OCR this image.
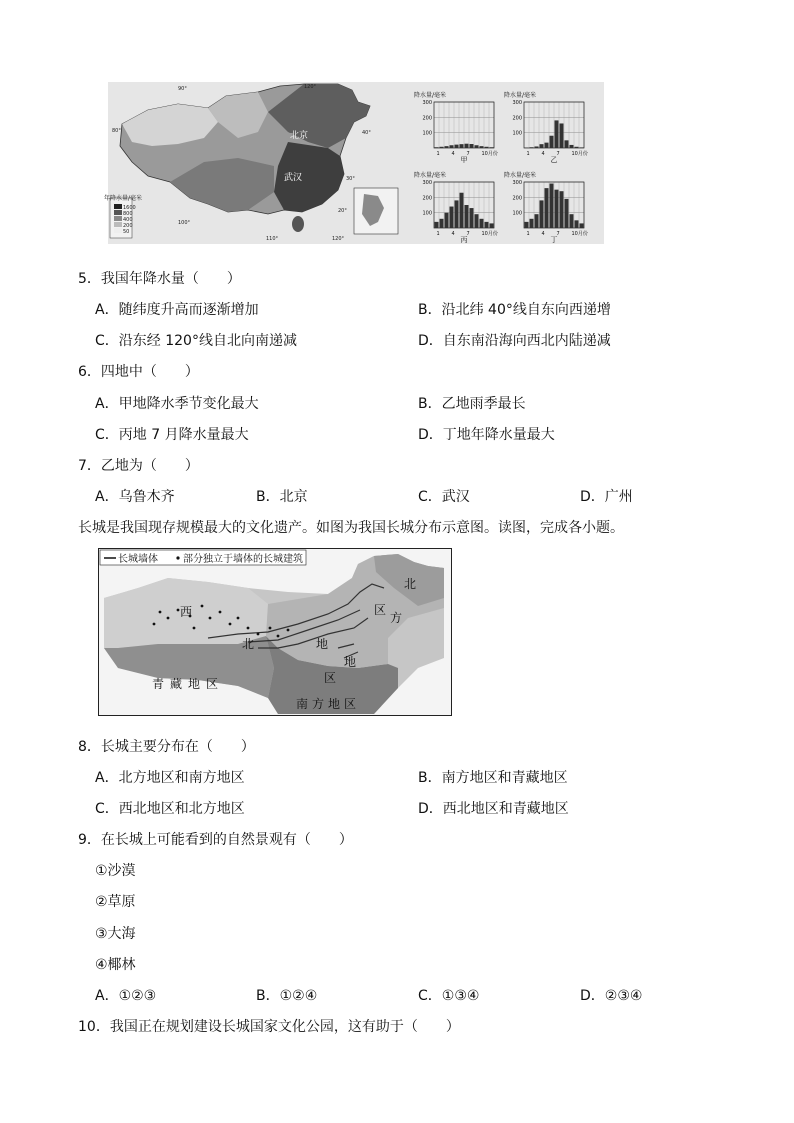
年降水量/毫米
1600
800
400
200
50
北京
武汉
120°
100°
110°	120°
90°
80°	40°
30°
20°
降水量/毫米
100
200
300
1 4 7 10月份
甲
降水量/毫米
100
200
300
1 4 7 10月份
乙
降水量/毫米
100
200
300
1 4 7 10月份
丙
降水量/毫米
100
200
300
1 4 7 10月份
丁
5．我国年降水量（　　）
A．随纬度升高而逐渐增加	B．沿北纬 40°线自东向西递增
C．沿东经 120°线自北向南递减	D．自东南沿海向西北内陆递减
6．四地中（　　）
A．甲地降水季节变化最大	B．乙地雨季最长
C．丙地 7 月降水量最大	D．丁地年降水量最大
7．乙地为（　　）
A．乌鲁木齐	B．北京	C．武汉	D．广州
长城是我国现存规模最大的文化遗产。如图为我国长城分布示意图。读图，完成各小题。
长城墙体	部分独立于墙体的长城建筑
西
北	地
区
北
方
地
区
青藏地区
南方地区
8．长城主要分布在（　　）
A．北方地区和南方地区	B．南方地区和青藏地区
C．西北地区和北方地区	D．西北地区和青藏地区
9．在长城上可能看到的自然景观有（　　）
①沙漠
②草原
③大海
④椰林
A．①②③	B．①②④	C．①③④	D．②③④
10．我国正在规划建设长城国家文化公园，这有助于（　　）
